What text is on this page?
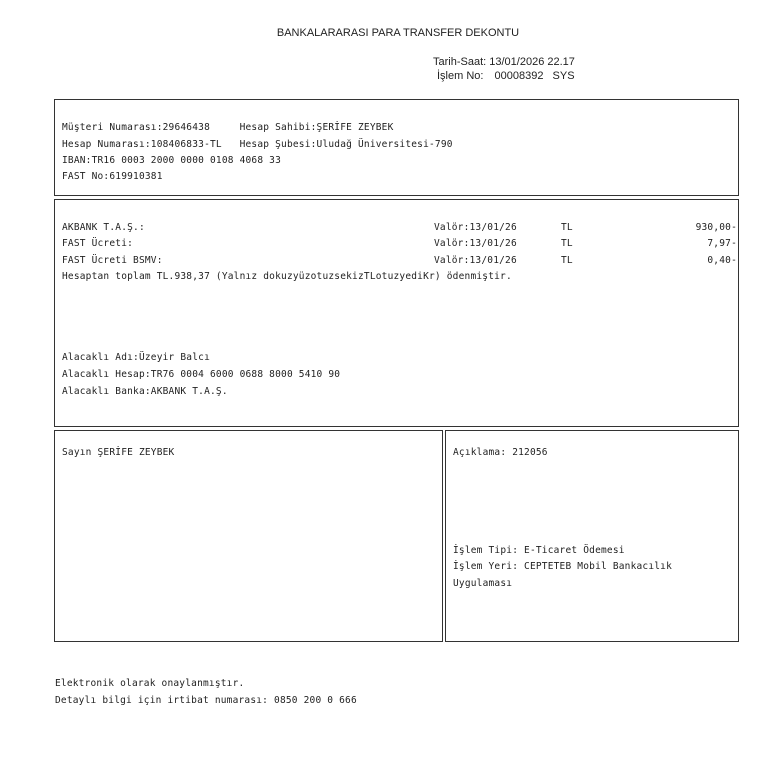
BANKALARARASI PARA TRANSFER DEKONTU
Tarih-Saat: 13/01/2026 22.17
İşlem No: 00008392 SYS
Müşteri Numarası:29646438     Hesap Sahibi:ŞERİFE ZEYBEK
Hesap Numarası:108406833-TL   Hesap Şubesi:Uludağ Üniversitesi-790
IBAN:TR16 0003 2000 0000 0108 4068 33
FAST No:619910381
AKBANK T.A.Ş.:	Valör:13/01/26	TL	930,00-
FAST Ücreti:	Valör:13/01/26	TL	7,97-
FAST Ücreti BSMV:	Valör:13/01/26	TL	0,40-
Hesaptan toplam TL.938,37 (Yalnız dokuzyüzotuzsekizTLotuzyediKr) ödenmiştir.
Alacaklı Adı:Üzeyir Balcı
Alacaklı Hesap:TR76 0004 6000 0688 8000 5410 90
Alacaklı Banka:AKBANK T.A.Ş.
Sayın ŞERİFE ZEYBEK	Açıklama: 212056
İşlem Tipi: E-Ticaret Ödemesi
İşlem Yeri: CEPTETEB Mobil Bankacılık
Uygulaması
Elektronik olarak onaylanmıştır.
Detaylı bilgi için irtibat numarası: 0850 200 0 666
